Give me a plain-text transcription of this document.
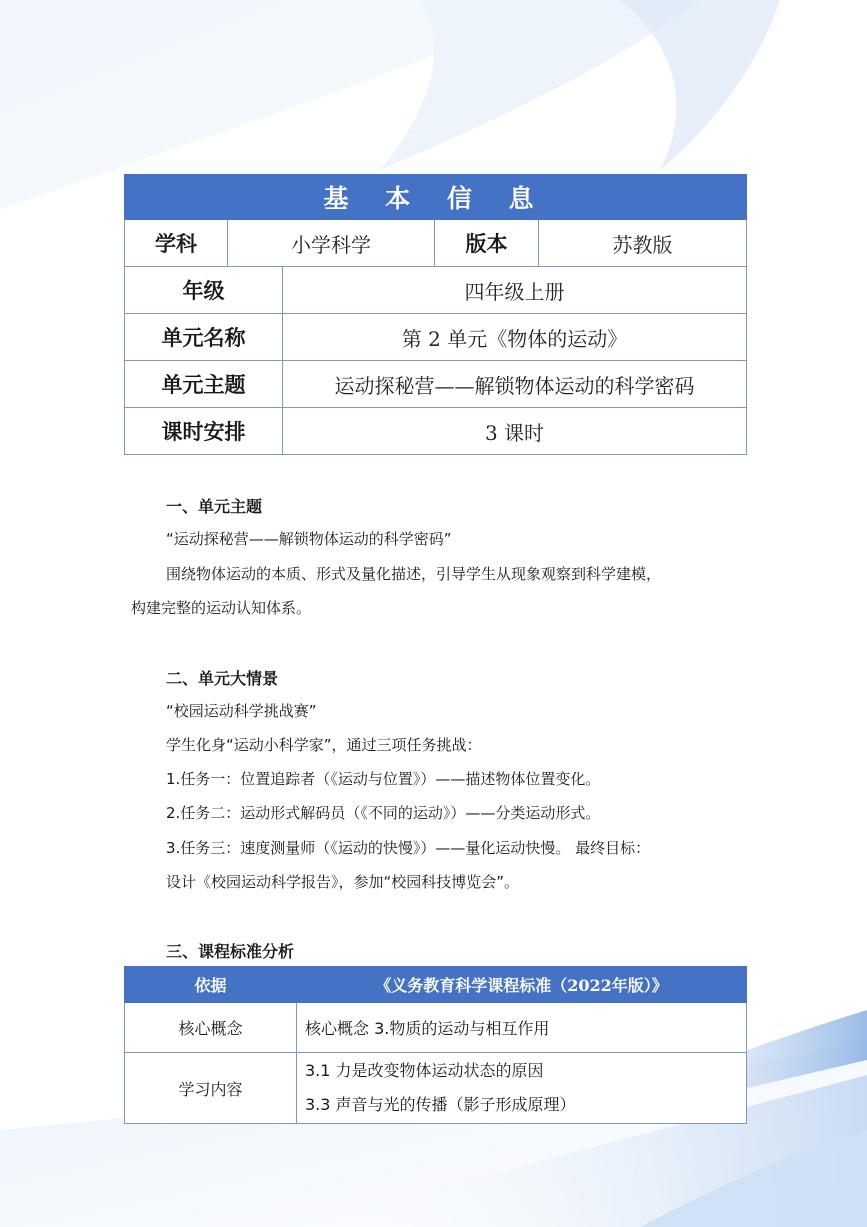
基 本 信 息				
学科	小学科学		版本	苏教版
年级		四年级上册		
单元名称		第 2 单元《物体的运动》		
单元主题		运动探秘营——解锁物体运动的科学密码		
课时安排		3 课时		
一、单元主题
“运动探秘营——解锁物体运动的科学密码”
围绕物体运动的本质、形式及量化描述，引导学生从现象观察到科学建模，
构建完整的运动认知体系。
二、单元大情景
“校园运动科学挑战赛”
学生化身“运动小科学家”，通过三项任务挑战：
1.任务一：位置追踪者（《运动与位置》）——描述物体位置变化。
2.任务二：运动形式解码员（《不同的运动》）——分类运动形式。
3.任务三：速度测量师（《运动的快慢》）——量化运动快慢。 最终目标：
设计《校园运动科学报告》，参加“校园科技博览会”。
三、课程标准分析
依据	《义务教育科学课程标准（2022年版）》
核心概念	核心概念 3.物质的运动与相互作用
学习内容	3.1 力是改变物体运动状态的原因
3.3 声音与光的传播（影子形成原理）
